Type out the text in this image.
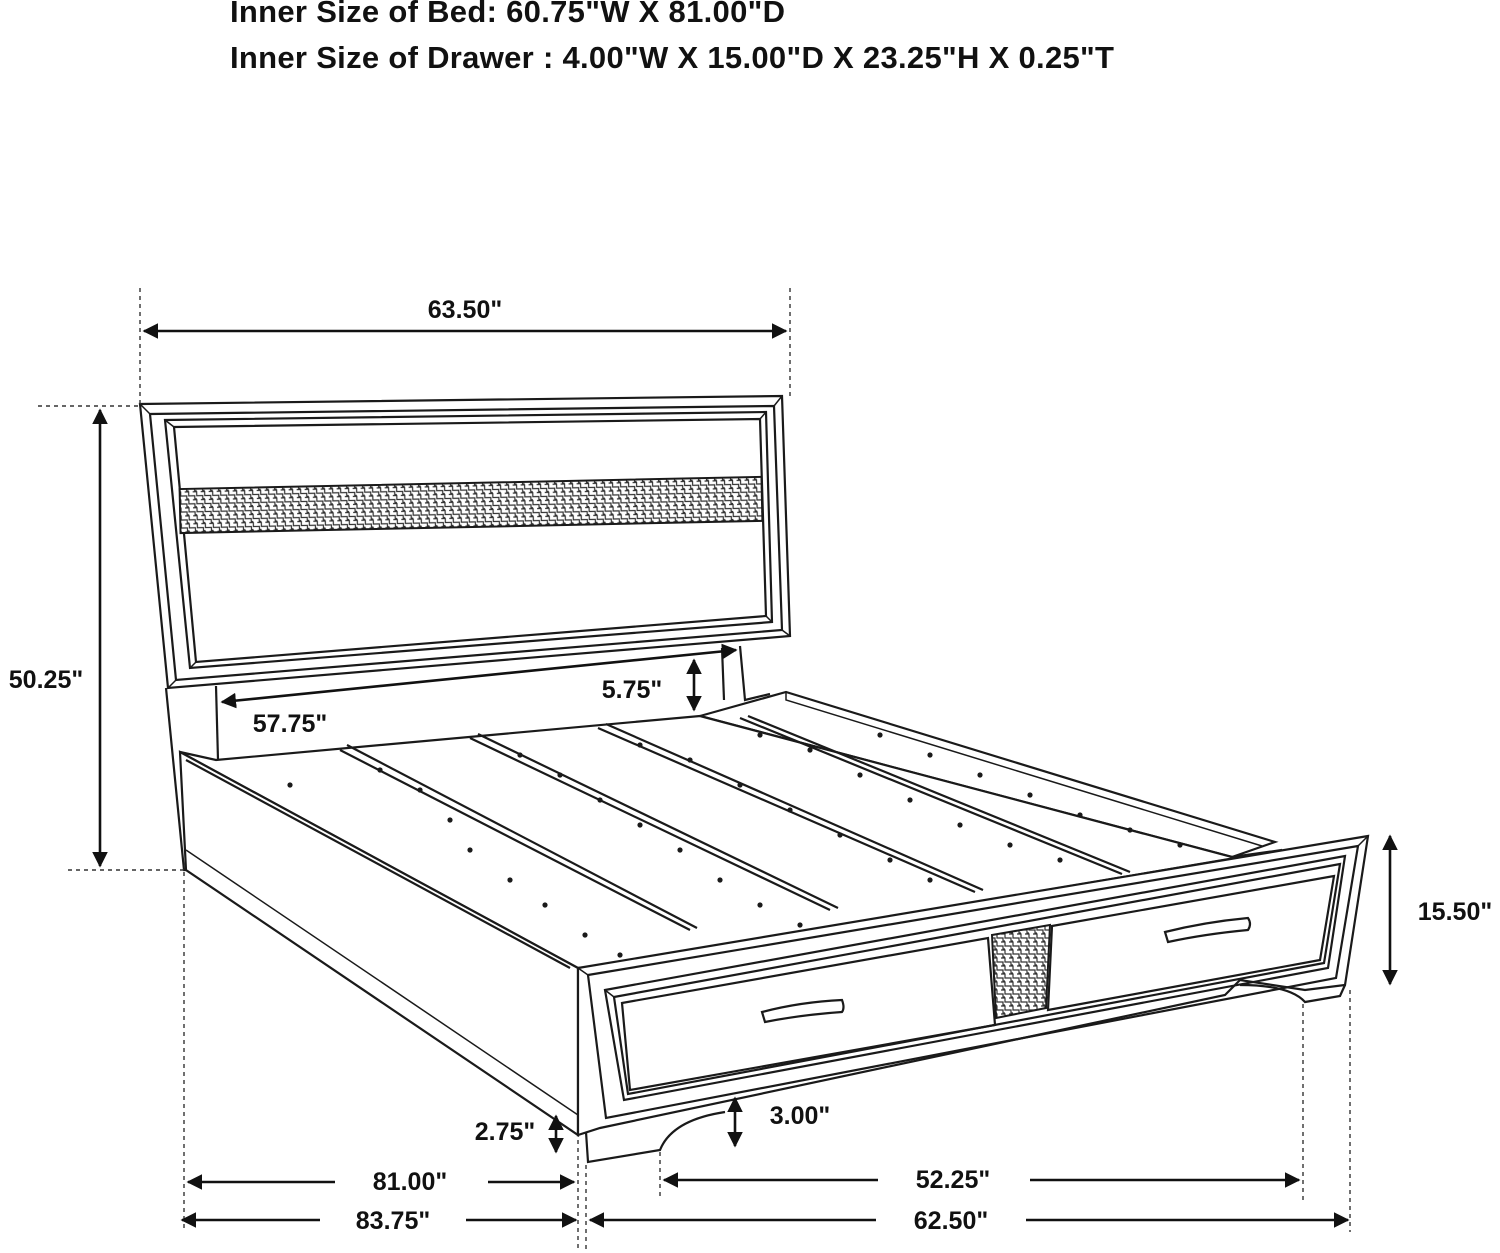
Inner Size of Bed: 60.75"W X 81.00"D
Inner Size of Drawer : 4.00"W X 15.00"D X 23.25"H X 0.25"T
63.50"
50.25"
57.75"
5.75"
15.50"
2.75"
3.00"
81.00"
83.75"
52.25"
62.50"
